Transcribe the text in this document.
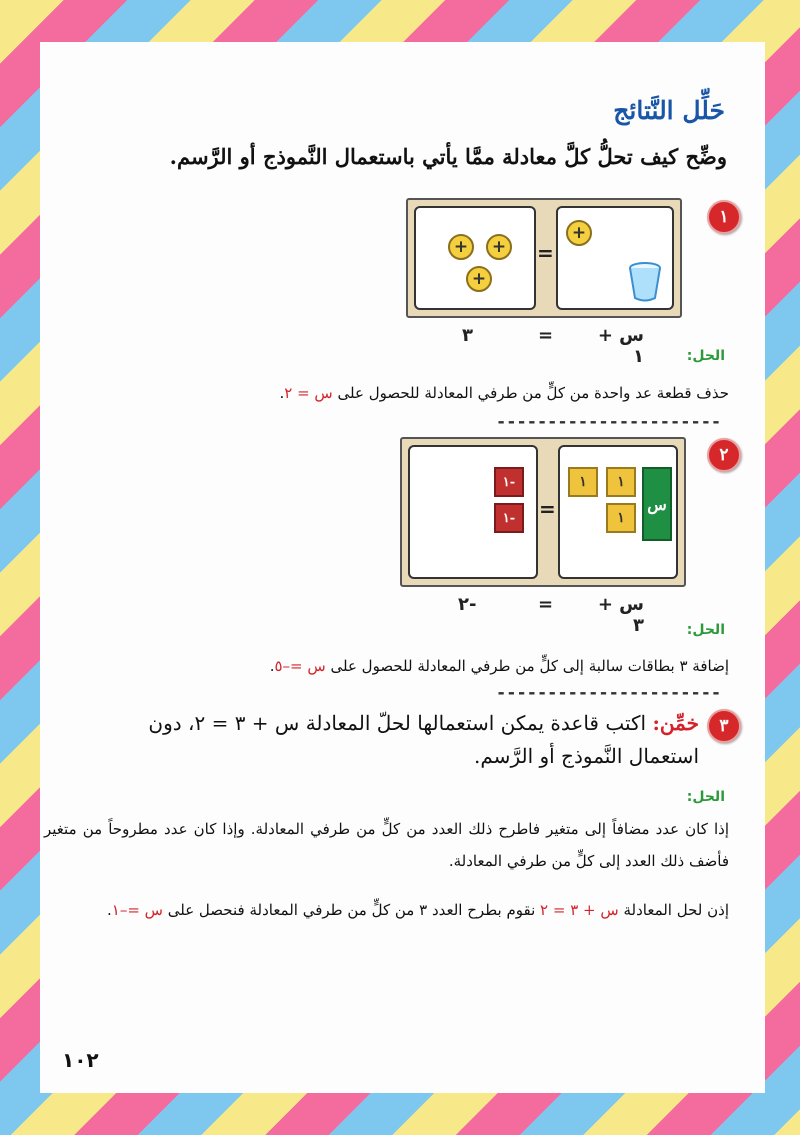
حَلِّل النَّتائج
وضِّح كيف تحلُّ كلَّ معادلة ممَّا يأتي باستعمال النَّموذج أو الرَّسم.
١
+	+
+
=
+
٣	=	س + ١	الحل:
حذف قطعة عد واحدة من كلٍّ من طرفي المعادلة للحصول على س = ٢.
----------------------
٢
١-
١-	=
١	١
١
س
٢-	=	س + ٣	الحل:
إضافة ٣ بطاقات سالبة إلى كلٍّ من طرفي المعادلة للحصول على س =–٥.
----------------------
٣
خمِّن: اكتب قاعدة يمكن استعمالها لحلّ المعادلة س + ٣ = ٢، دون استعمال النَّموذج أو الرَّسم.
الحل:
إذا كان عدد مضافاً إلى متغير فاطرح ذلك العدد من كلٍّ من طرفي المعادلة. وإذا كان عدد مطروحاً من متغير فأضف ذلك العدد إلى كلٍّ من طرفي المعادلة.
إذن لحل المعادلة س + ٣ = ٢ نقوم بطرح العدد ٣ من كلٍّ من طرفي المعادلة فنحصل على س =–١.
١٠٢
